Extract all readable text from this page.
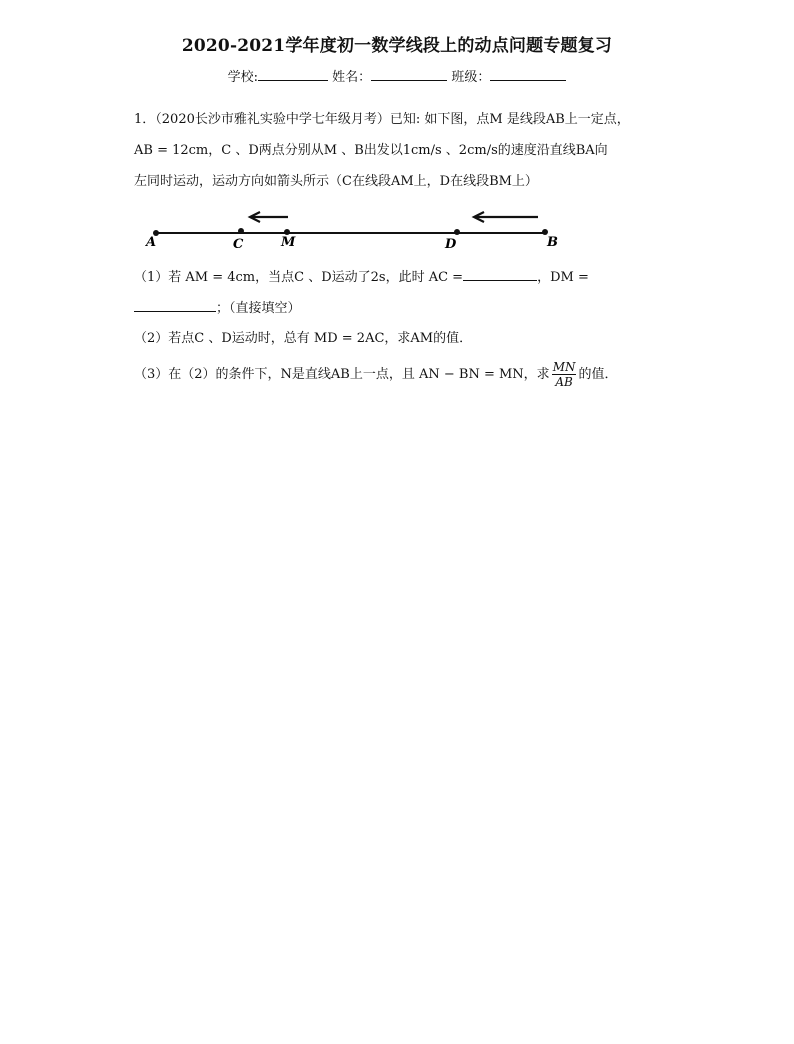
2020-2021学年度初一数学线段上的动点问题专题复习
学校:	姓名：	班级：
1．（2020长沙市雅礼实验中学七年级月考）已知: 如下图，点M 是线段AB上一定点，
AB = 12cm，C 、D两点分别从M 、B出发以1cm/s 、2cm/s的速度沿直线BA向
左同时运动，运动方向如箭头所示（C在线段AM上，D在线段BM上）
A	C	M	D	B
（1）若 AM = 4cm，当点C 、D运动了2s，此时 AC =	，DM =
；（直接填空）
（2）若点C 、D运动时，总有 MD = 2AC，求AM的值．
（3）在（2）的条件下，N是直线AB上一点，且 AN − BN = MN，求 $\frac{MN}{AB}$ 的值．
